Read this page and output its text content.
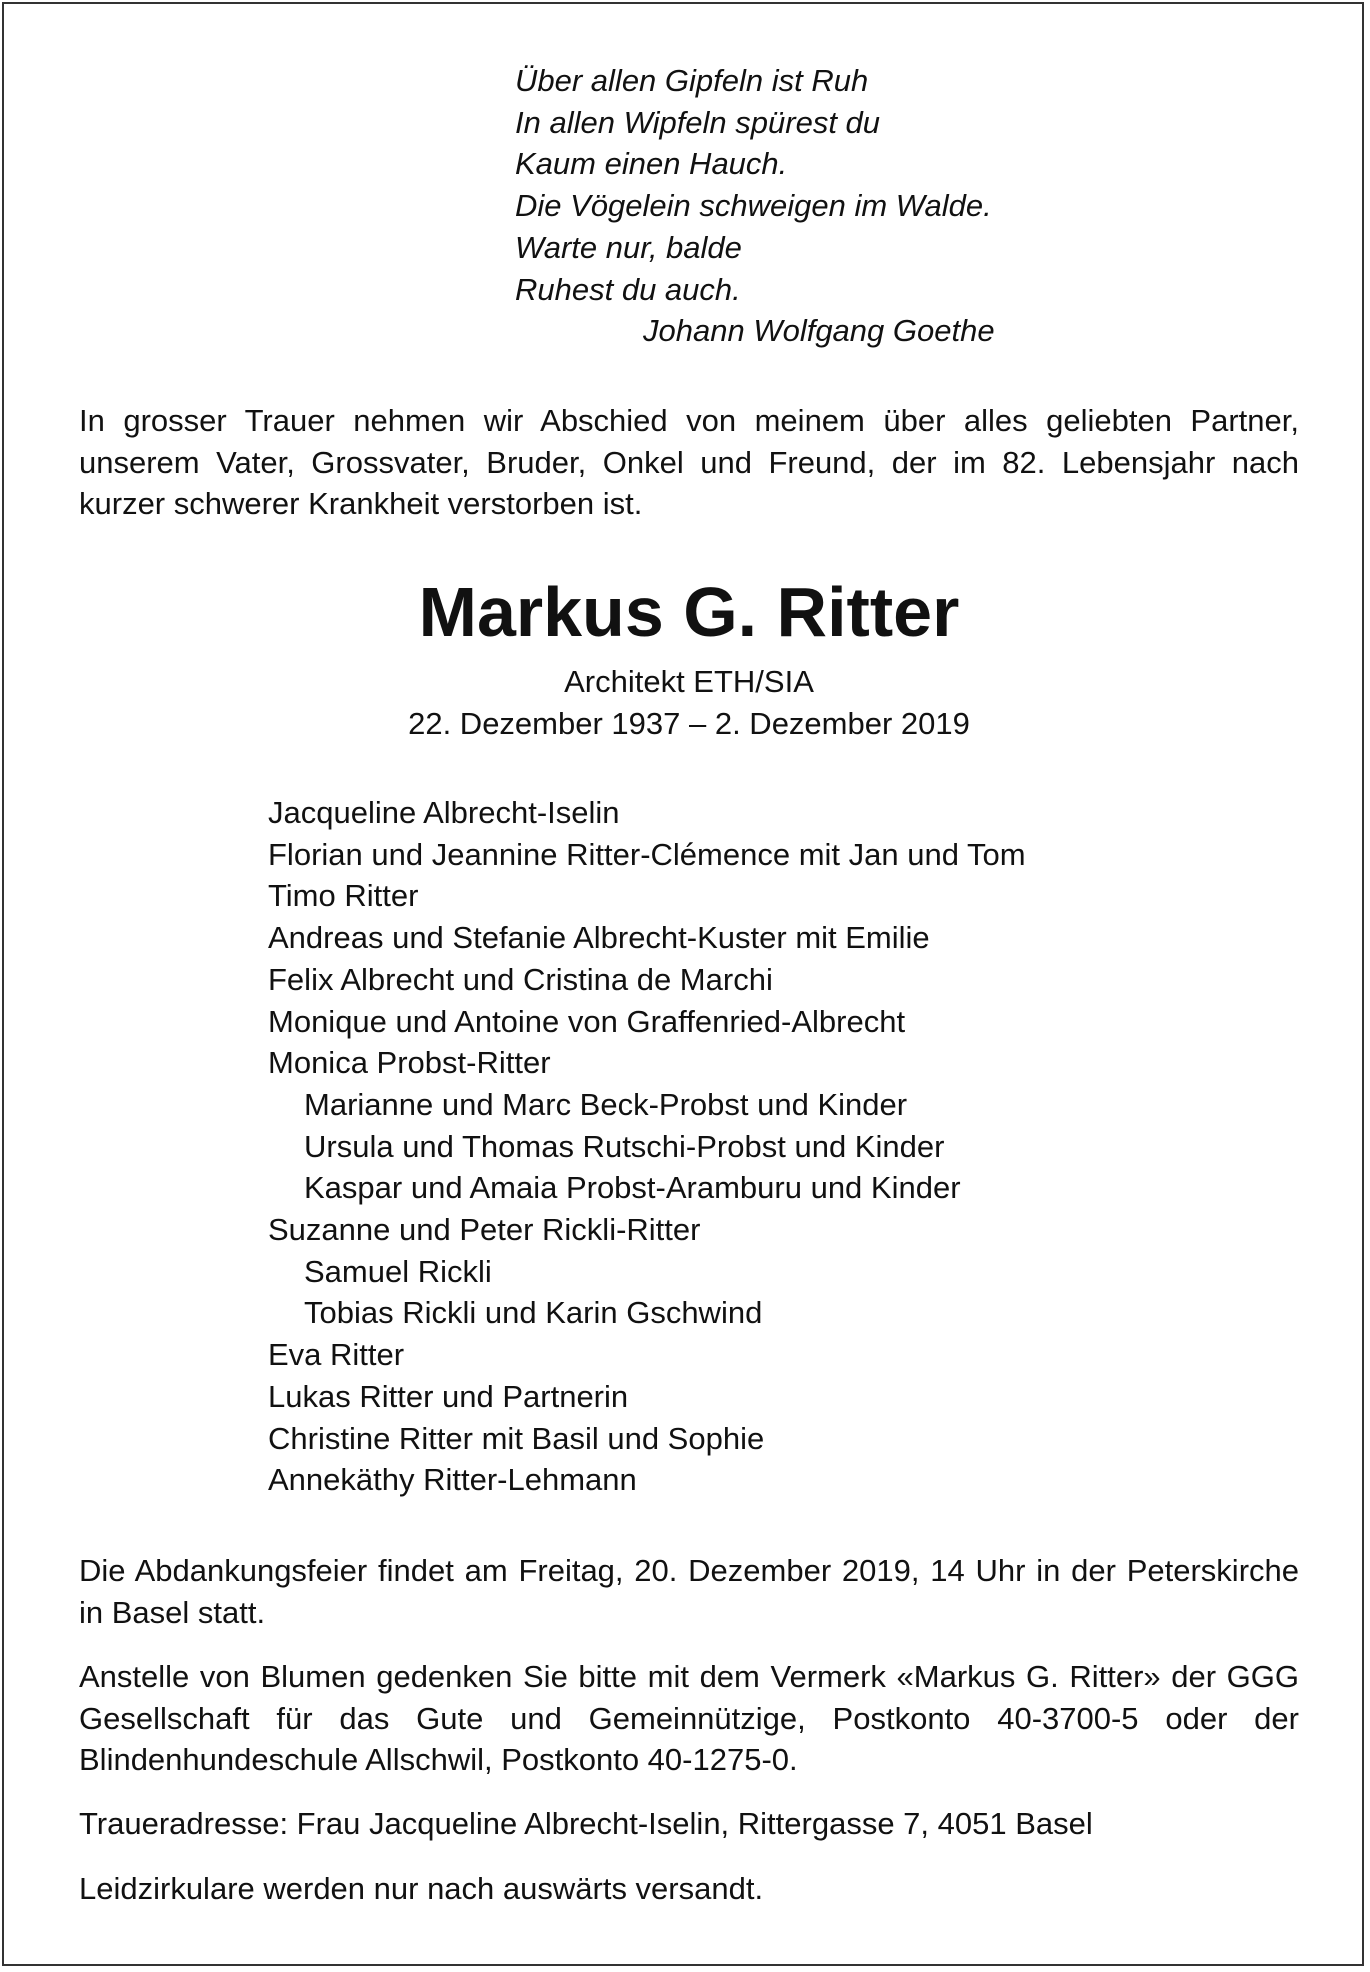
Über allen Gipfeln ist Ruh
In allen Wipfeln spürest du
Kaum einen Hauch.
Die Vögelein schweigen im Walde.
Warte nur, balde
Ruhest du auch.
Johann Wolfgang Goethe

In grosser Trauer nehmen wir Abschied von meinem über alles geliebten Partner, unserem Vater, Grossvater, Bruder, Onkel und Freund, der im 82. Lebensjahr nach kurzer schwerer Krankheit verstorben ist.

Markus G. Ritter
Architekt ETH/SIA
22. Dezember 1937 – 2. Dezember 2019
Jacqueline Albrecht-Iselin
Florian und Jeannine Ritter-Clémence mit Jan und Tom
Timo Ritter
Andreas und Stefanie Albrecht-Kuster mit Emilie
Felix Albrecht und Cristina de Marchi
Monique und Antoine von Graffenried-Albrecht
Monica Probst-Ritter
Marianne und Marc Beck-Probst und Kinder
Ursula und Thomas Rutschi-Probst und Kinder
Kaspar und Amaia Probst-Aramburu und Kinder
Suzanne und Peter Rickli-Ritter
Samuel Rickli
Tobias Rickli und Karin Gschwind
Eva Ritter
Lukas Ritter und Partnerin
Christine Ritter mit Basil und Sophie
Annekäthy Ritter-Lehmann

Die Abdankungsfeier findet am Freitag, 20. Dezember 2019, 14 Uhr in der Peterskirche in Basel statt.

Anstelle von Blumen gedenken Sie bitte mit dem Vermerk «Markus G. Ritter» der GGG Gesellschaft für das Gute und Gemeinnützige, Postkonto 40-3700-5 oder der Blindenhundeschule Allschwil, Postkonto 40-1275-0.

Traueradresse: Frau Jacqueline Albrecht-Iselin, Rittergasse 7, 4051 Basel

Leidzirkulare werden nur nach auswärts versandt.
